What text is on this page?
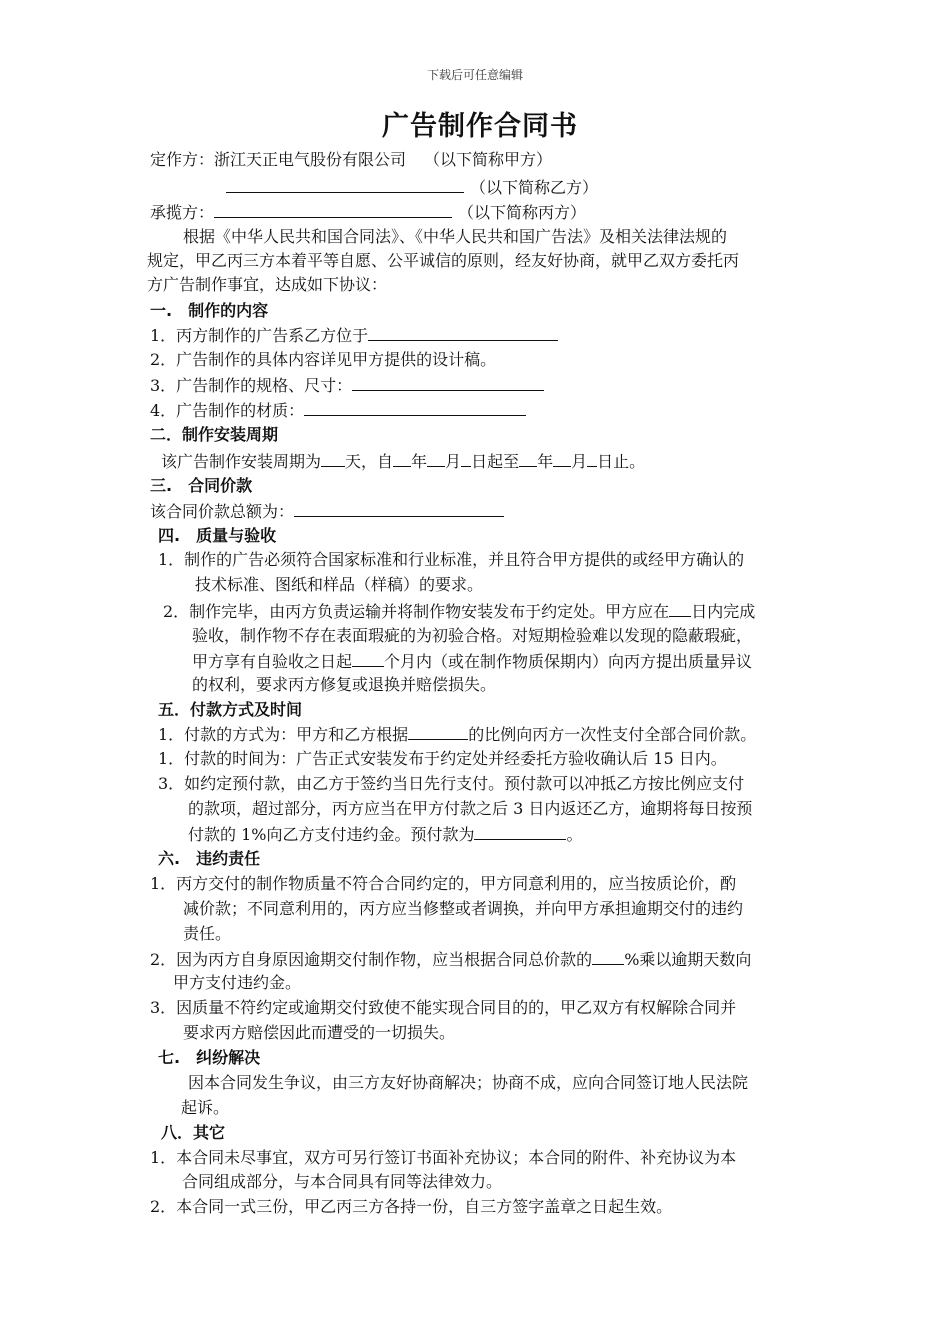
下载后可任意编辑
广告制作合同书
定作方：浙江天正电气股份有限公司 （以下简称甲方）
（以下简称乙方）
承揽方：	（以下简称丙方）
根据《中华人民共和国合同法》、《中华人民共和国广告法》及相关法律法规的
规定，甲乙丙三方本着平等自愿、公平诚信的原则，经友好协商，就甲乙双方委托丙
方广告制作事宜，达成如下协议：
一.　制作的内容
1．丙方制作的广告系乙方位于
2．广告制作的具体内容详见甲方提供的设计稿。
3．广告制作的规格、尺寸：
4．广告制作的材质：
二．制作安装周期
该广告制作安装周期为 天，自 年 月 日起至 年 月 日止。
三.　合同价款
该合同价款总额为：
四.　质量与验收
1．制作的广告必须符合国家标准和行业标准，并且符合甲方提供的或经甲方确认的
技术标准、图纸和样品（样稿）的要求。
2．制作完毕，由丙方负责运输并将制作物安装发布于约定处。甲方应在 日内完成
验收，制作物不存在表面瑕疵的为初验合格。对短期检验难以发现的隐蔽瑕疵，
甲方享有自验收之日起 个月内（或在制作物质保期内）向丙方提出质量异议
的权利，要求丙方修复或退换并赔偿损失。
五．付款方式及时间
1．付款的方式为：甲方和乙方根据	的比例向丙方一次性支付全部合同价款。
1．付款的时间为：广告正式安装发布于约定处并经委托方验收确认后 15 日内。
3．如约定预付款，由乙方于签约当日先行支付。预付款可以冲抵乙方按比例应支付
的款项，超过部分，丙方应当在甲方付款之后 3 日内返还乙方，逾期将每日按预
付款的 1%向乙方支付违约金。预付款为	。
六.　违约责任
1．丙方交付的制作物质量不符合合同约定的，甲方同意利用的，应当按质论价，酌
减价款；不同意利用的，丙方应当修整或者调换，并向甲方承担逾期交付的违约
责任。
2．因为丙方自身原因逾期交付制作物，应当根据合同总价款的 %乘以逾期天数向
甲方支付违约金。
3．因质量不符约定或逾期交付致使不能实现合同目的的，甲乙双方有权解除合同并
要求丙方赔偿因此而遭受的一切损失。
七.　纠纷解决
因本合同发生争议，由三方友好协商解决；协商不成，应向合同签订地人民法院
起诉。
八．其它
1．本合同未尽事宜，双方可另行签订书面补充协议；本合同的附件、补充协议为本
合同组成部分，与本合同具有同等法律效力。
2．本合同一式三份，甲乙丙三方各持一份，自三方签字盖章之日起生效。
